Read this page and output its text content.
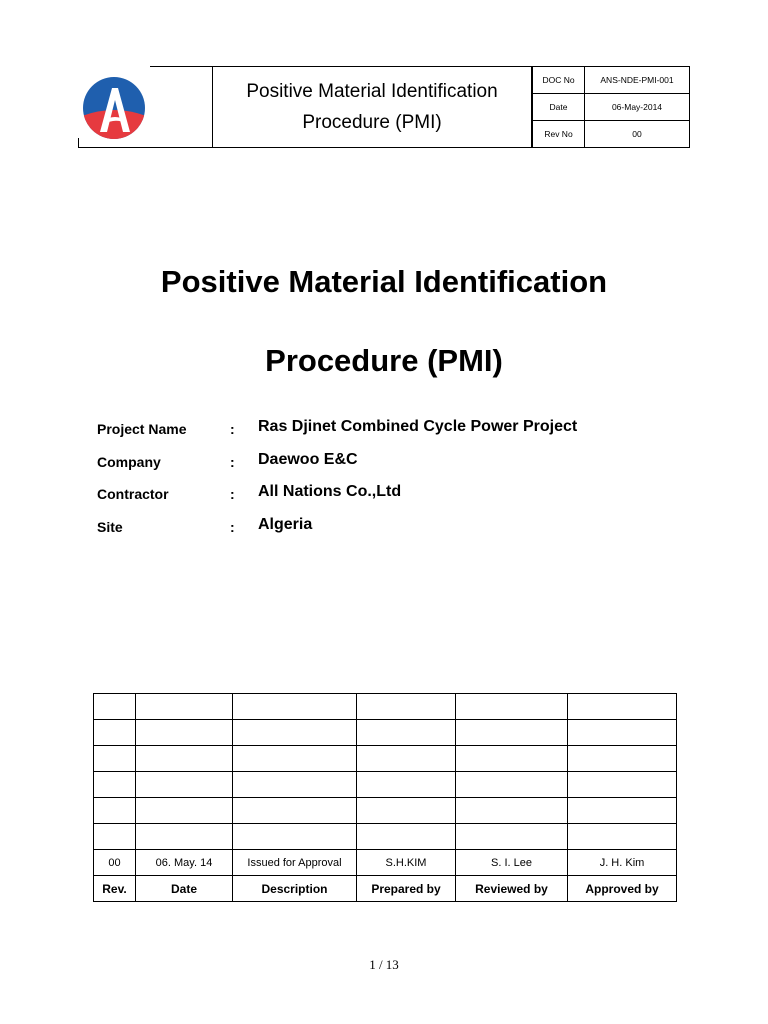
Positive Material Identification
Procedure (PMI)
DOC No	ANS-NDE-PMI-001
Date	06-May-2014
Rev No	00
Positive Material Identification
Procedure (PMI)
Project Name	: Ras Djinet Combined Cycle Power Project
Company	: Daewoo E&C
Contractor	: All Nations Co.,Ltd
Site	: Algeria

00	06. May. 14	Issued for Approval	S.H.KIM	S. I. Lee	J. H. Kim
Rev.	Date	Description	Prepared by	Reviewed by	Approved by
1 / 13
